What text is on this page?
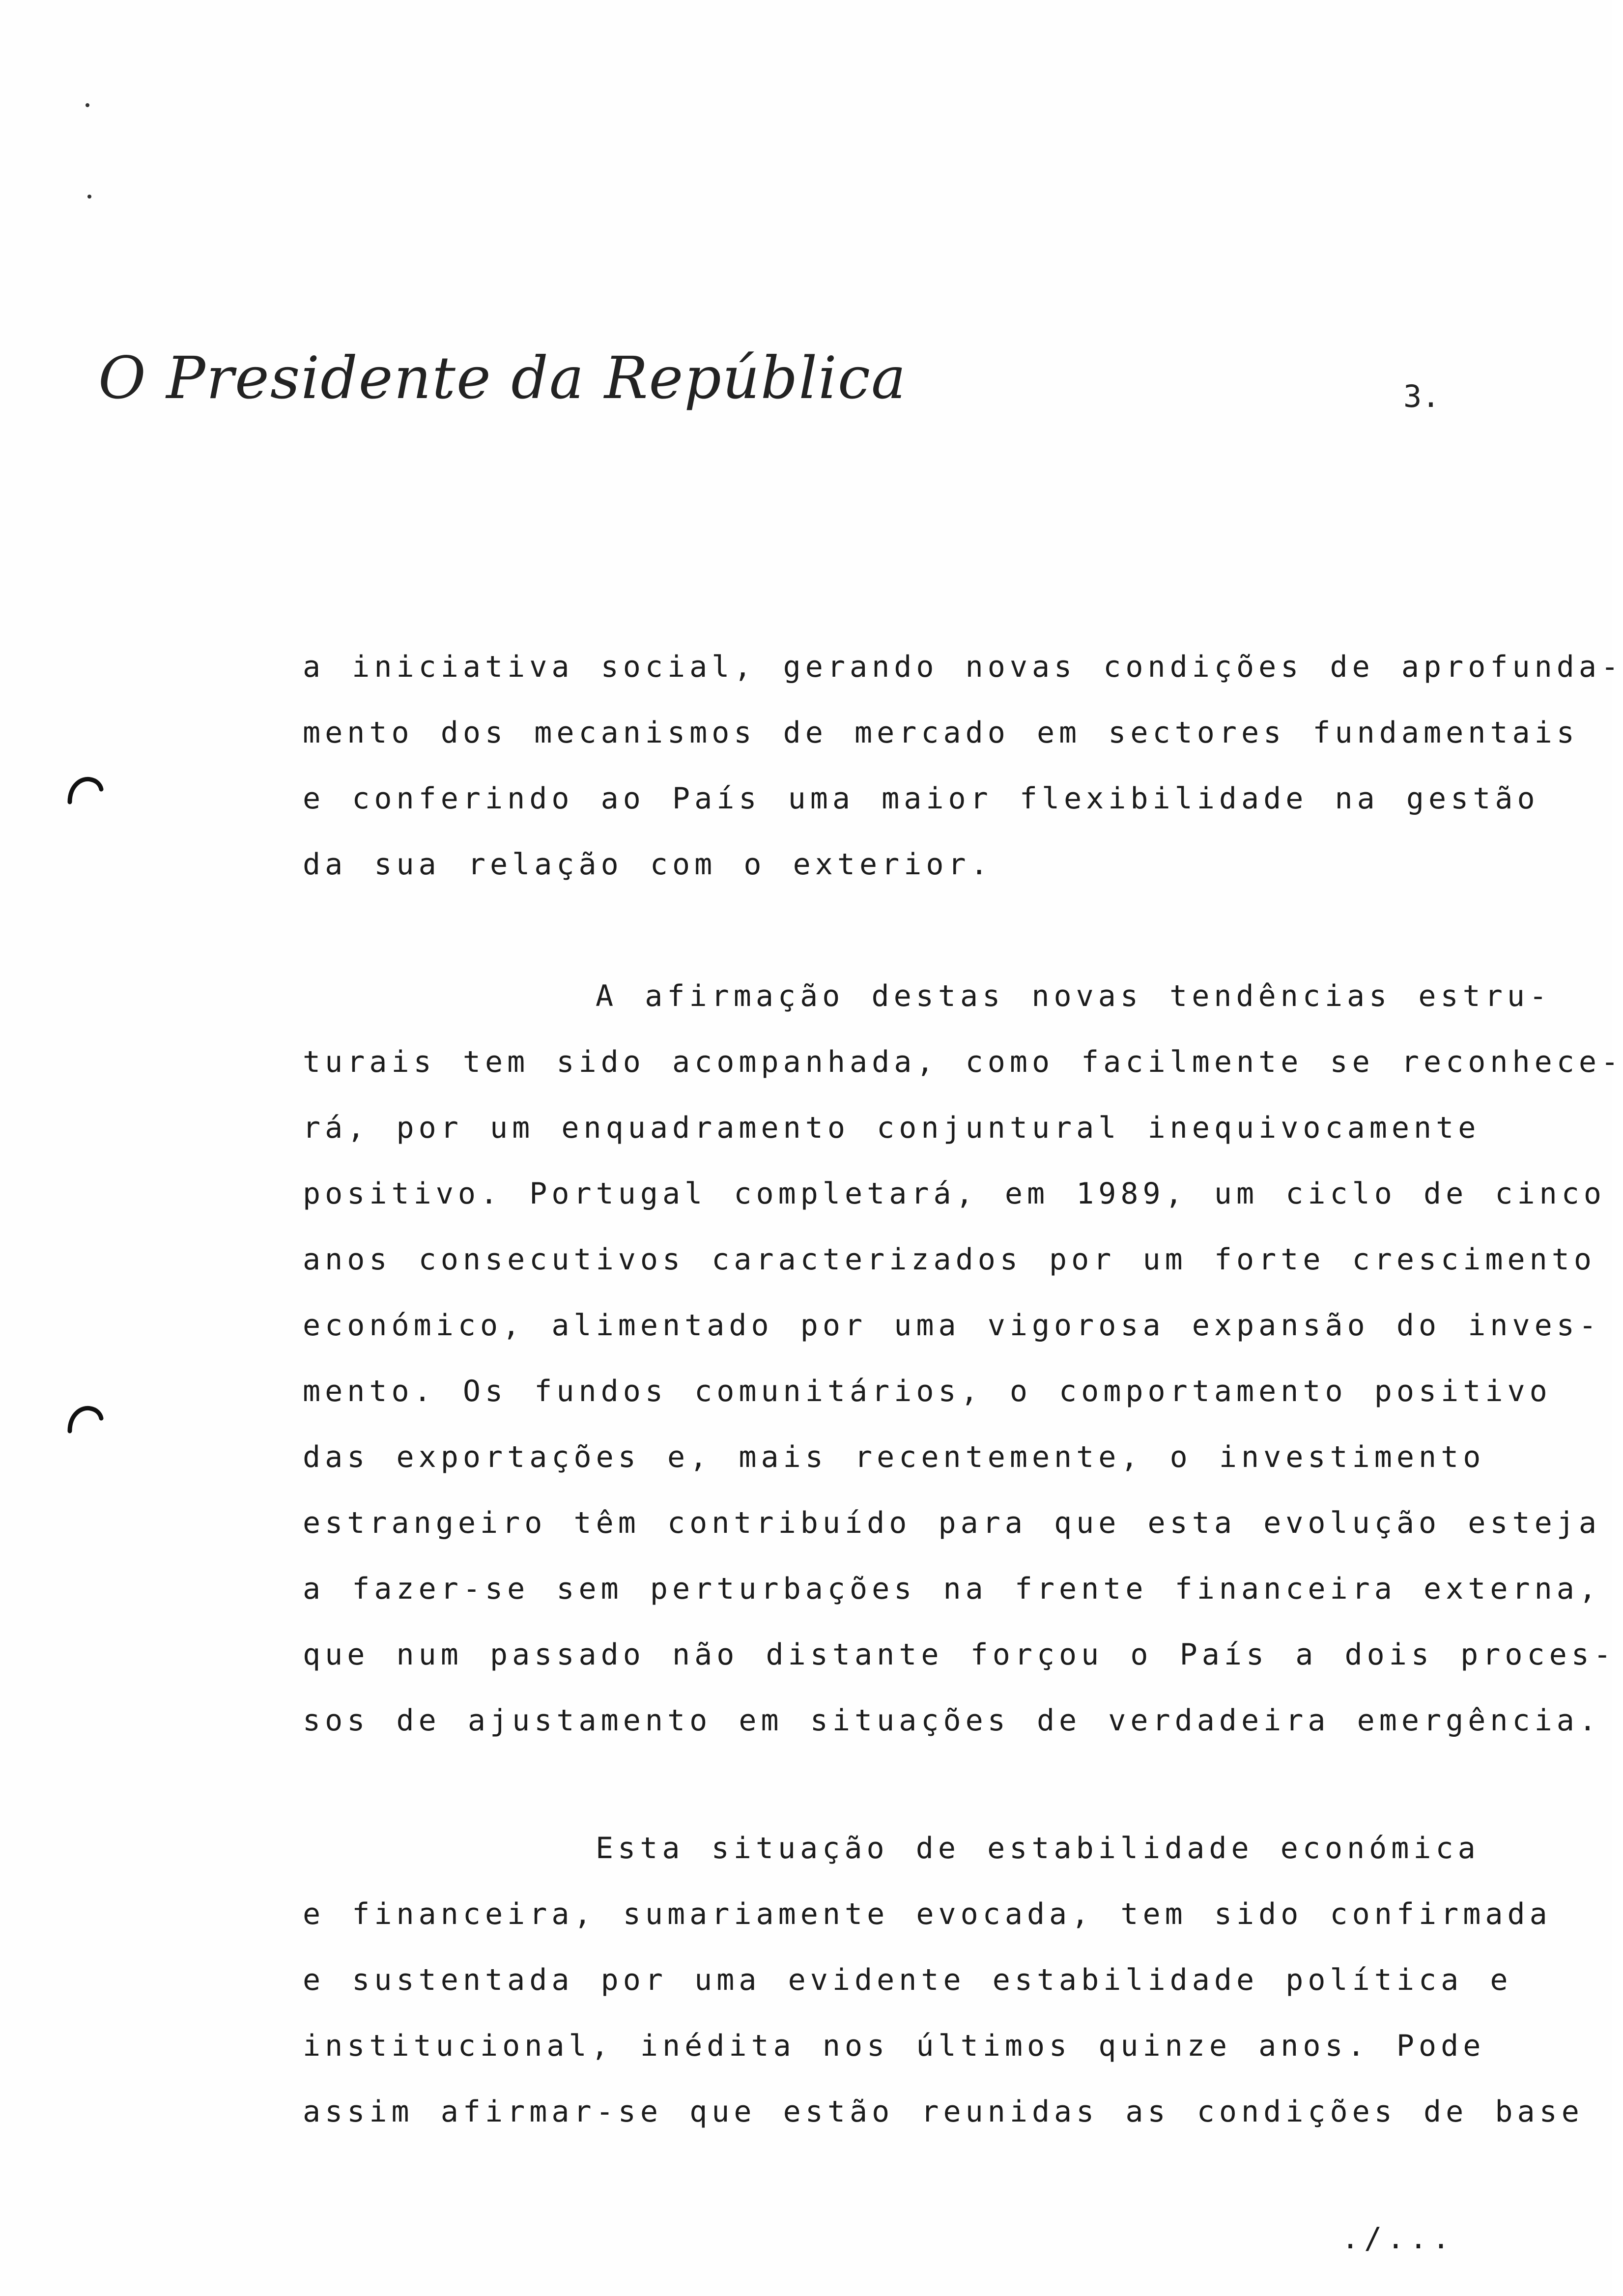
O Presidente da República	3.
a iniciativa social, gerando novas condições de aprofunda-
mento dos mecanismos de mercado em sectores fundamentais
e conferindo ao País uma maior flexibilidade na gestão
da sua relação com o exterior.
A afirmação destas novas tendências estru-
turais tem sido acompanhada, como facilmente se reconhece-
rá, por um enquadramento conjuntural inequivocamente
positivo. Portugal completará, em 1989, um ciclo de cinco
anos consecutivos caracterizados por um forte crescimento
económico, alimentado por uma vigorosa expansão do inves-
mento. Os fundos comunitários, o comportamento positivo
das exportações e, mais recentemente, o investimento
estrangeiro têm contribuído para que esta evolução esteja
a fazer-se sem perturbações na frente financeira externa,
que num passado não distante forçou o País a dois proces-
sos de ajustamento em situações de verdadeira emergência.
Esta situação de estabilidade económica
e financeira, sumariamente evocada, tem sido confirmada
e sustentada por uma evidente estabilidade política e
institucional, inédita nos últimos quinze anos. Pode
assim afirmar-se que estão reunidas as condições de base
./...
